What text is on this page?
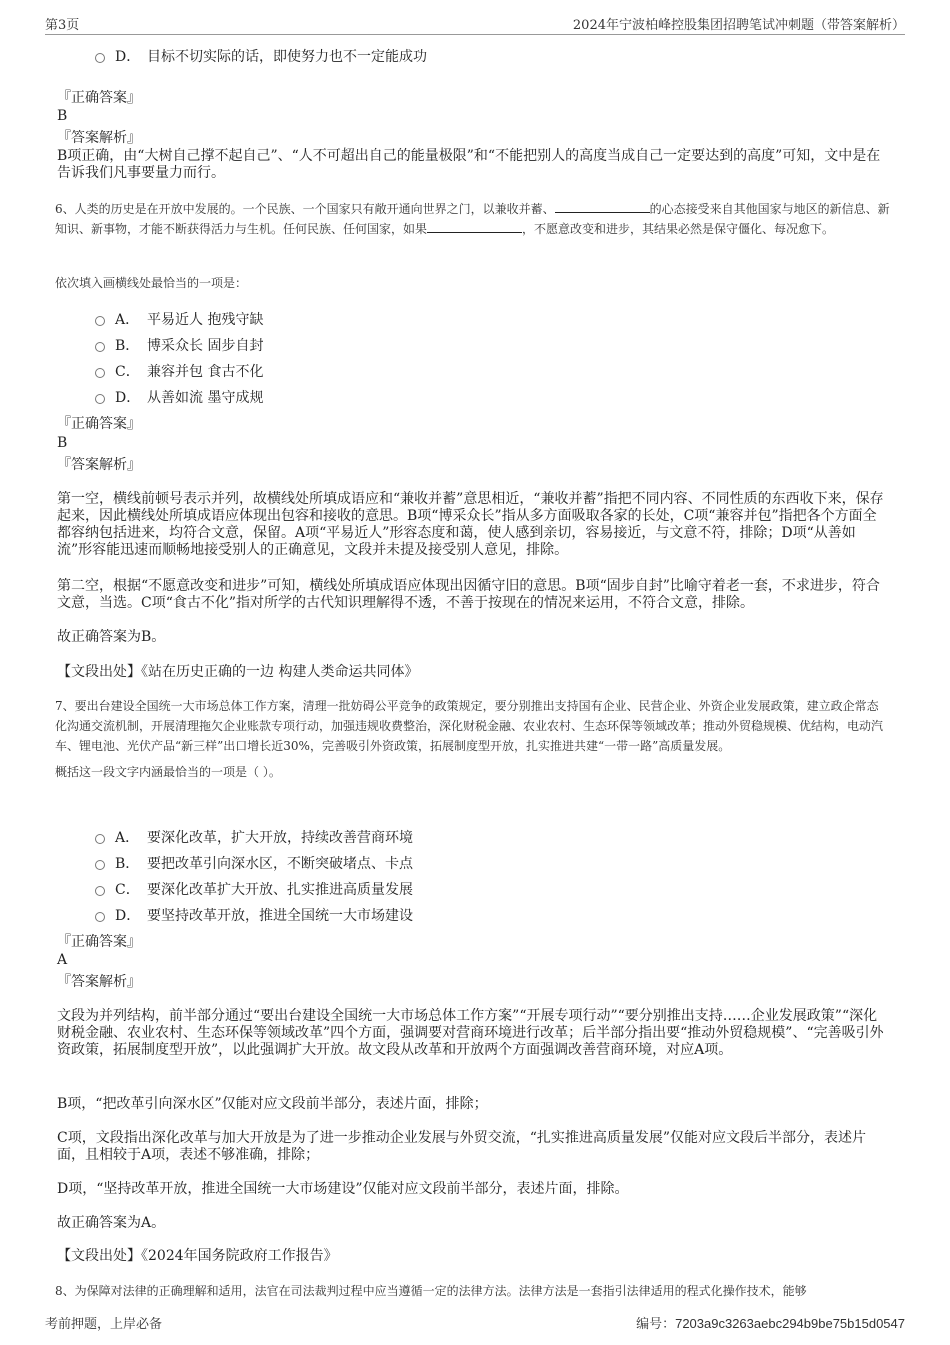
第3页	2024年宁波柏峰控股集团招聘笔试冲刺题（带答案解析）
D． 目标不切实际的话，即使努力也不一定能成功
『正确答案』
B
『答案解析』
B项正确，由“大树自己撑不起自己”、“人不可超出自己的能量极限”和“不能把别人的高度当成自己一定要达到的高度”可知，文中是在告诉我们凡事要量力而行。
6、人类的历史是在开放中发展的。一个民族、一个国家只有敞开通向世界之门，以兼收并蓄、	的心态接受来自其他国家与地区的新信息、新知识、新事物，才能不断获得活力与生机。任何民族、任何国家，如果	，不愿意改变和进步，其结果必然是保守僵化、每况愈下。
依次填入画横线处最恰当的一项是：
A． 平易近人 抱残守缺
B． 博采众长 固步自封
C． 兼容并包 食古不化
D． 从善如流 墨守成规
『正确答案』
B
『答案解析』
第一空，横线前顿号表示并列，故横线处所填成语应和“兼收并蓄”意思相近，“兼收并蓄”指把不同内容、不同性质的东西收下来，保存起来，因此横线处所填成语应体现出包容和接收的意思。B项“博采众长”指从多方面吸取各家的长处，C项“兼容并包”指把各个方面全都容纳包括进来，均符合文意，保留。A项“平易近人”形容态度和蔼，使人感到亲切，容易接近，与文意不符，排除；D项“从善如流”形容能迅速而顺畅地接受别人的正确意见，文段并未提及接受别人意见，排除。
第二空，根据“不愿意改变和进步”可知，横线处所填成语应体现出因循守旧的意思。B项“固步自封”比喻守着老一套，不求进步，符合文意，当选。C项“食古不化”指对所学的古代知识理解得不透，不善于按现在的情况来运用，不符合文意，排除。
故正确答案为B。
【文段出处】《站在历史正确的一边 构建人类命运共同体》
7、要出台建设全国统一大市场总体工作方案，清理一批妨碍公平竞争的政策规定，要分别推出支持国有企业、民营企业、外资企业发展政策，建立政企常态化沟通交流机制，开展清理拖欠企业账款专项行动，加强违规收费整治，深化财税金融、农业农村、生态环保等领域改革；推动外贸稳规模、优结构，电动汽车、锂电池、光伏产品“新三样”出口增长近30%，完善吸引外资政策，拓展制度型开放，扎实推进共建“一带一路”高质量发展。
概括这一段文字内涵最恰当的一项是（ ）。
A． 要深化改革，扩大开放，持续改善营商环境
B． 要把改革引向深水区，不断突破堵点、卡点
C． 要深化改革扩大开放、扎实推进高质量发展
D． 要坚持改革开放，推进全国统一大市场建设
『正确答案』
A
『答案解析』
文段为并列结构，前半部分通过“要出台建设全国统一大市场总体工作方案”“开展专项行动”“要分别推出支持……企业发展政策”“深化财税金融、农业农村、生态环保等领域改革”四个方面，强调要对营商环境进行改革；后半部分指出要“推动外贸稳规模”、“完善吸引外资政策，拓展制度型开放”，以此强调扩大开放。故文段从改革和开放两个方面强调改善营商环境，对应A项。
B项，“把改革引向深水区”仅能对应文段前半部分，表述片面，排除；
C项，文段指出深化改革与加大开放是为了进一步推动企业发展与外贸交流，“扎实推进高质量发展”仅能对应文段后半部分，表述片面，且相较于A项，表述不够准确，排除；
D项，“坚持改革开放，推进全国统一大市场建设”仅能对应文段前半部分，表述片面，排除。
故正确答案为A。
【文段出处】《2024年国务院政府工作报告》
8、为保障对法律的正确理解和适用，法官在司法裁判过程中应当遵循一定的法律方法。法律方法是一套指引法律适用的程式化操作技术，能够
考前押题，上岸必备	编号：7203a9c3263aebc294b9be75b15d0547
